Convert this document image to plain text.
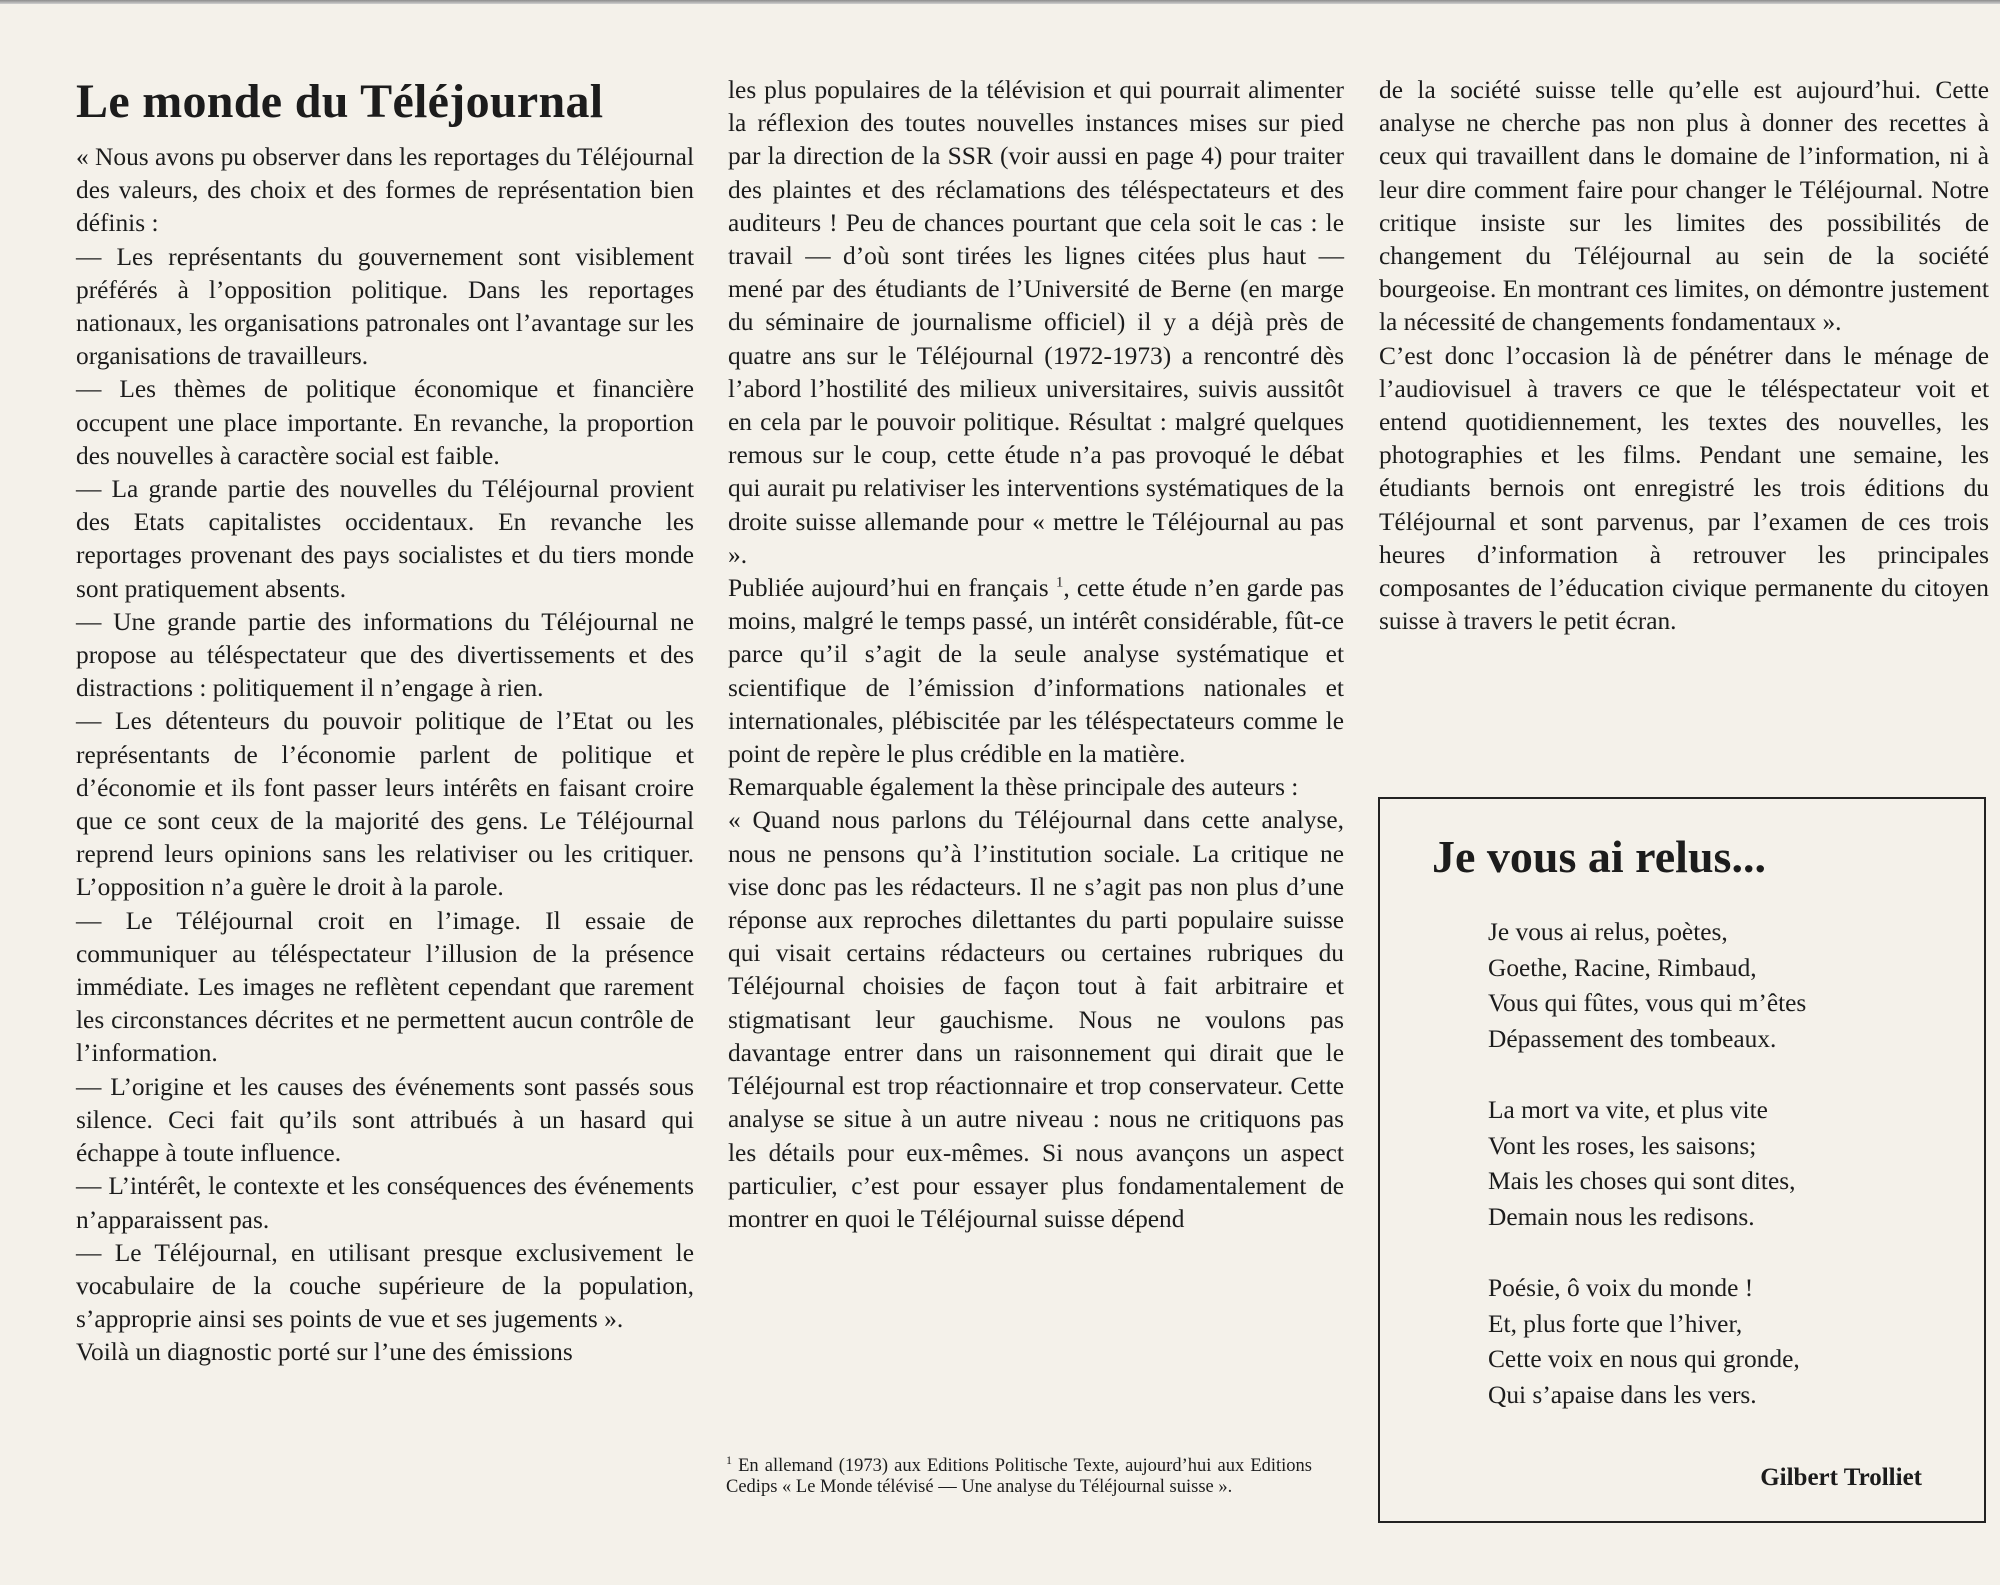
Le monde du Téléjournal

« Nous avons pu observer dans les reportages du Téléjournal des valeurs, des choix et des formes de représentation bien définis :

— Les représentants du gouvernement sont visiblement préférés à l’opposition politique. Dans les reportages nationaux, les organisations patronales ont l’avantage sur les organisations de travailleurs.

— Les thèmes de politique économique et financière occupent une place importante. En revanche, la proportion des nouvelles à caractère social est faible.

— La grande partie des nouvelles du Téléjournal provient des Etats capitalistes occidentaux. En revanche les reportages provenant des pays socialistes et du tiers monde sont pratiquement absents.

— Une grande partie des informations du Téléjournal ne propose au téléspectateur que des divertissements et des distractions : politiquement il n’engage à rien.

— Les détenteurs du pouvoir politique de l’Etat ou les représentants de l’économie parlent de politique et d’économie et ils font passer leurs intérêts en faisant croire que ce sont ceux de la majorité des gens. Le Téléjournal reprend leurs opinions sans les relativiser ou les critiquer. L’opposition n’a guère le droit à la parole.

— Le Téléjournal croit en l’image. Il essaie de communiquer au téléspectateur l’illusion de la présence immédiate. Les images ne reflètent cependant que rarement les circonstances décrites et ne permettent aucun contrôle de l’information.

— L’origine et les causes des événements sont passés sous silence. Ceci fait qu’ils sont attribués à un hasard qui échappe à toute influence.

— L’intérêt, le contexte et les conséquences des événements n’apparaissent pas.

— Le Téléjournal, en utilisant presque exclusivement le vocabulaire de la couche supérieure de la population, s’approprie ainsi ses points de vue et ses jugements ».

Voilà un diagnostic porté sur l’une des émissions

les plus populaires de la télévision et qui pourrait alimenter la réflexion des toutes nouvelles instances mises sur pied par la direction de la SSR (voir aussi en page 4) pour traiter des plaintes et des réclamations des téléspectateurs et des auditeurs ! Peu de chances pourtant que cela soit le cas : le travail — d’où sont tirées les lignes citées plus haut — mené par des étudiants de l’Université de Berne (en marge du séminaire de journalisme officiel) il y a déjà près de quatre ans sur le Téléjournal (1972-1973) a rencontré dès l’abord l’hostilité des milieux universitaires, suivis aussitôt en cela par le pouvoir politique. Résultat : malgré quelques remous sur le coup, cette étude n’a pas provoqué le débat qui aurait pu relativiser les interventions systématiques de la droite suisse allemande pour « mettre le Téléjournal au pas ».

Publiée aujourd’hui en français $^1$, cette étude n’en garde pas moins, malgré le temps passé, un intérêt considérable, fût-ce parce qu’il s’agit de la seule analyse systématique et scientifique de l’émission d’informations nationales et internationales, plébiscitée par les téléspectateurs comme le point de repère le plus crédible en la matière.

Remarquable également la thèse principale des auteurs :

« Quand nous parlons du Téléjournal dans cette analyse, nous ne pensons qu’à l’institution sociale. La critique ne vise donc pas les rédacteurs. Il ne s’agit pas non plus d’une réponse aux reproches dilettantes du parti populaire suisse qui visait certains rédacteurs ou certaines rubriques du Téléjournal choisies de façon tout à fait arbitraire et stigmatisant leur gauchisme. Nous ne voulons pas davantage entrer dans un raisonnement qui dirait que le Téléjournal est trop réactionnaire et trop conservateur. Cette analyse se situe à un autre niveau : nous ne critiquons pas les détails pour eux-mêmes. Si nous avançons un aspect particulier, c’est pour essayer plus fondamentalement de montrer en quoi le Téléjournal suisse dépend

$^1$ En allemand (1973) aux Editions Politische Texte, aujourd’hui aux Editions Cedips « Le Monde télévisé — Une analyse du Téléjournal suisse ».

de la société suisse telle qu’elle est aujourd’hui. Cette analyse ne cherche pas non plus à donner des recettes à ceux qui travaillent dans le domaine de l’information, ni à leur dire comment faire pour changer le Téléjournal. Notre critique insiste sur les limites des possibilités de changement du Téléjournal au sein de la société bourgeoise. En montrant ces limites, on démontre justement la nécessité de changements fondamentaux ».

C’est donc l’occasion là de pénétrer dans le ménage de l’audiovisuel à travers ce que le téléspectateur voit et entend quotidiennement, les textes des nouvelles, les photographies et les films. Pendant une semaine, les étudiants bernois ont enregistré les trois éditions du Téléjournal et sont parvenus, par l’examen de ces trois heures d’information à retrouver les principales composantes de l’éducation civique permanente du citoyen suisse à travers le petit écran.

Je vous ai relus...
Je vous ai relus, poètes,
Goethe, Racine, Rimbaud,
Vous qui fûtes, vous qui m’êtes
Dépassement des tombeaux.
La mort va vite, et plus vite
Vont les roses, les saisons;
Mais les choses qui sont dites,
Demain nous les redisons.
Poésie, ô voix du monde !
Et, plus forte que l’hiver,
Cette voix en nous qui gronde,
Qui s’apaise dans les vers.
Gilbert Trolliet
